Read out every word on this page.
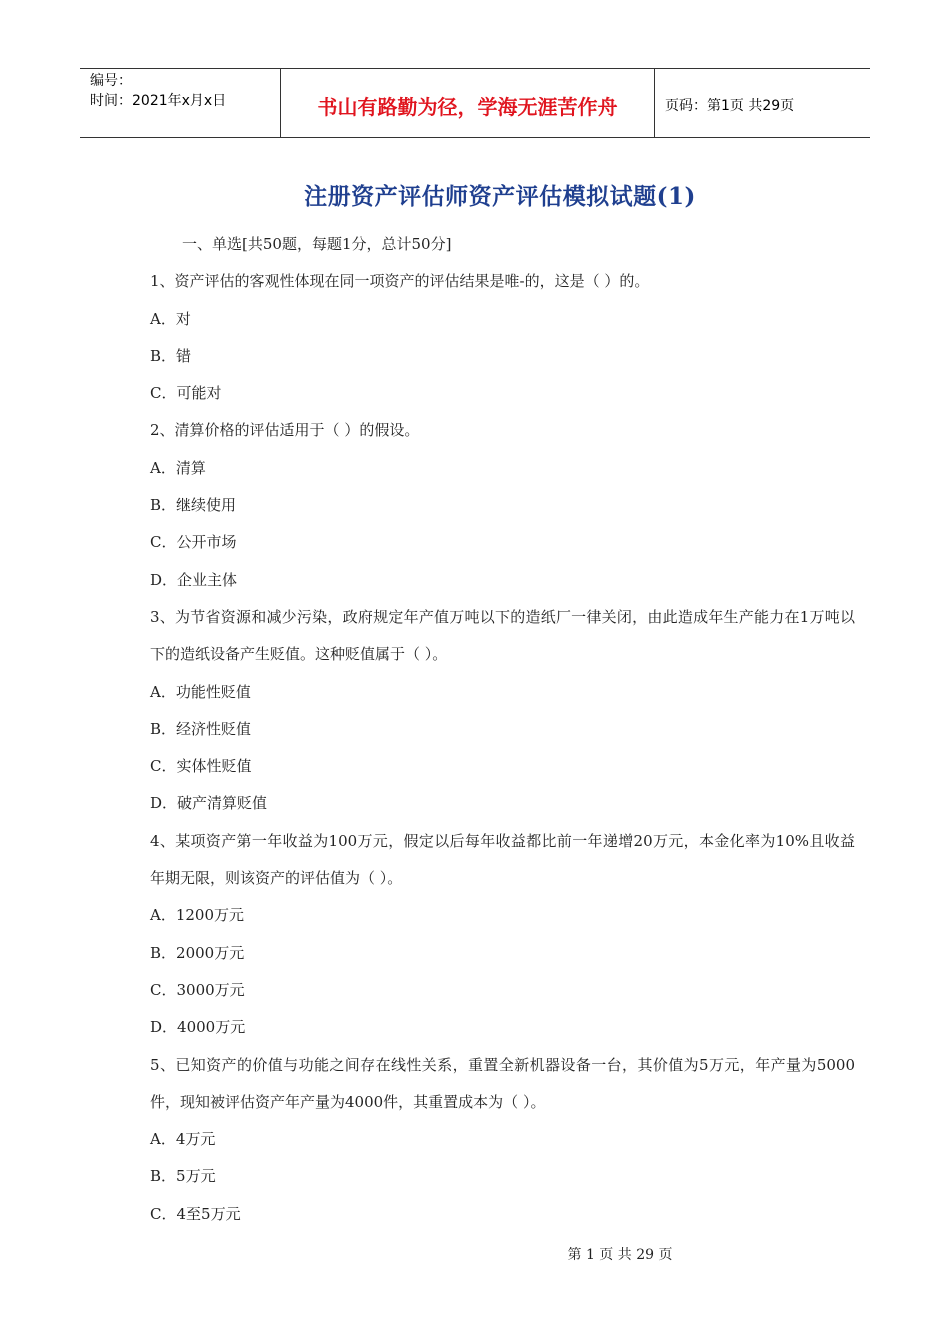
编号：
时间：2021年x月x日	书山有路勤为径，学海无涯苦作舟	页码：第1页 共29页
注册资产评估师资产评估模拟试题(1)
一、单选[共50题，每题1分，总计50分]
1、资产评估的客观性体现在同一项资产的评估结果是唯-的，这是（ ）的。
A．对
B．错
C．可能对
2、清算价格的评估适用于（ ）的假设。
A．清算
B．继续使用
C．公开市场
D．企业主体
3、为节省资源和减少污染，政府规定年产值万吨以下的造纸厂一律关闭，由此造成年生产能力在1万吨以下的造纸设备产生贬值。这种贬值属于（ ）。
A．功能性贬值
B．经济性贬值
C．实体性贬值
D．破产清算贬值
4、某项资产第一年收益为100万元，假定以后每年收益都比前一年递增20万元，本金化率为10%且收益年期无限，则该资产的评估值为（ ）。
A．1200万元
B．2000万元
C．3000万元
D．4000万元
5、已知资产的价值与功能之间存在线性关系，重置全新机器设备一台，其价值为5万元，年产量为5000件，现知被评估资产年产量为4000件，其重置成本为（ ）。
A．4万元
B．5万元
C．4至5万元
第 1 页 共 29 页
